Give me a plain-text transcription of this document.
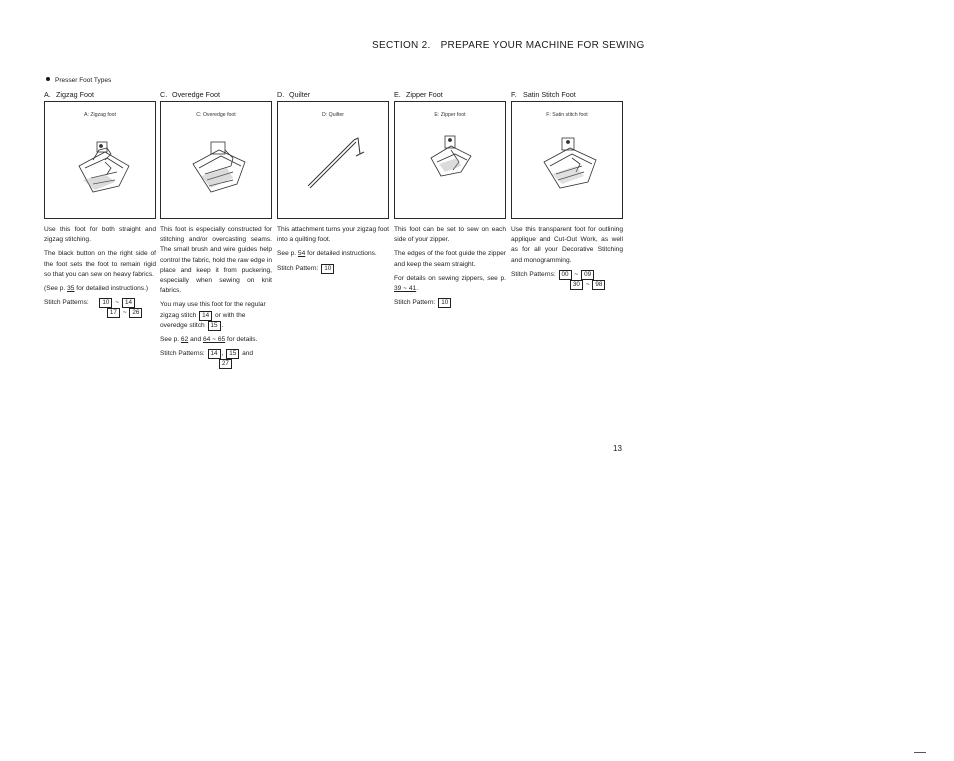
SECTION 2. PREPARE YOUR MACHINE FOR SEWING
Presser Foot Types
A. Zigzag Foot
A: Zigzag foot

Use this foot for both straight and zigzag stitching.

The black button on the right side of the foot sets the foot to remain rigid so that you can sew on heavy fabrics.

(See p. 35 for detailed instructions.)

Stitch Patterns: 10 ~ 14
17 ~ 26
C. Overedge Foot
C: Overedge foot

This foot is especially constructed for stitching and/or overcasting seams. The small brush and wire guides help control the fabric, hold the raw edge in place and keep it from puckering, especially when sewing on knit fabrics.

You may use this foot for the regular zigzag stitch 14 or with the overedge stitch 15 .

See p. 62 and 64 ~ 65 for details.

Stitch Patterns: 14 , 15 and
27
D. Quilter
D: Quilter

This attachment turns your zigzag foot into a quilting foot.

See p. 54 for detailed instructions.

Stitch Pattern: 10
E. Zipper Foot
E: Zipper foot

This foot can be set to sew on each side of your zipper.

The edges of the foot guide the zipper and keep the seam straight.

For details on sewing zippers, see p. 39 ~ 41.

Stitch Pattern: 10
F. Satin Stitch Foot
F: Satin stitch foot

Use this transparent foot for outlining applique and Cut-Out Work, as well as for all your Decorative Stitching and monogramming.

Stitch Patterns: 00 ~ 09
30 ~ 98
13
